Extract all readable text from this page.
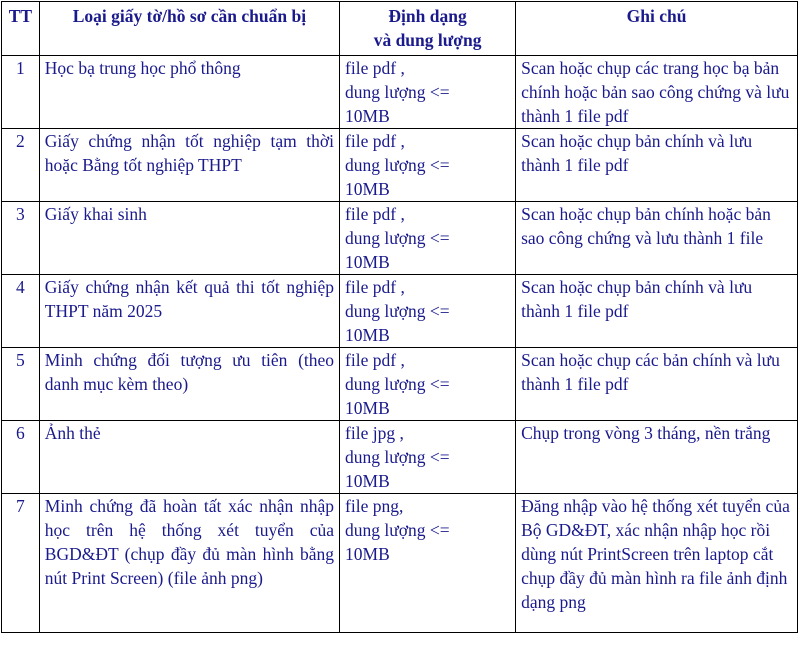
TT	Loại giấy tờ/hồ sơ cần chuẩn bị	Định dạng
và dung lượng	Ghi chú
1	Học bạ trung học phổ thông	file pdf ,
dung lượng <=
10MB	Scan hoặc chụp các trang học bạ bản chính hoặc bản sao công chứng và lưu thành 1 file pdf
2	Giấy chứng nhận tốt nghiệp tạm thời hoặc Bằng tốt nghiệp THPT	file pdf ,
dung lượng <=
10MB	Scan hoặc chụp bản chính và lưu thành 1 file pdf
3	Giấy khai sinh	file pdf ,
dung lượng <=
10MB	Scan hoặc chụp bản chính hoặc bản sao công chứng và lưu thành 1 file
4	Giấy chứng nhận kết quả thi tốt nghiệp THPT năm 2025	file pdf ,
dung lượng <=
10MB	Scan hoặc chụp bản chính và lưu thành 1 file pdf
5	Minh chứng đối tượng ưu tiên (theo danh mục kèm theo)	file pdf ,
dung lượng <=
10MB	Scan hoặc chụp các bản chính và lưu thành 1 file pdf
6	Ảnh thẻ	file jpg ,
dung lượng <=
10MB	Chụp trong vòng 3 tháng, nền trắng
7	Minh chứng đã hoàn tất xác nhận nhập học trên hệ thống xét tuyển của BGD&ĐT (chụp đầy đủ màn hình bằng nút Print Screen) (file ảnh png)	file png,
dung lượng <=
10MB	Đăng nhập vào hệ thống xét tuyển của Bộ GD&ĐT, xác nhận nhập học rồi dùng nút PrintScreen trên laptop cắt chụp đầy đủ màn hình ra file ảnh định dạng png
